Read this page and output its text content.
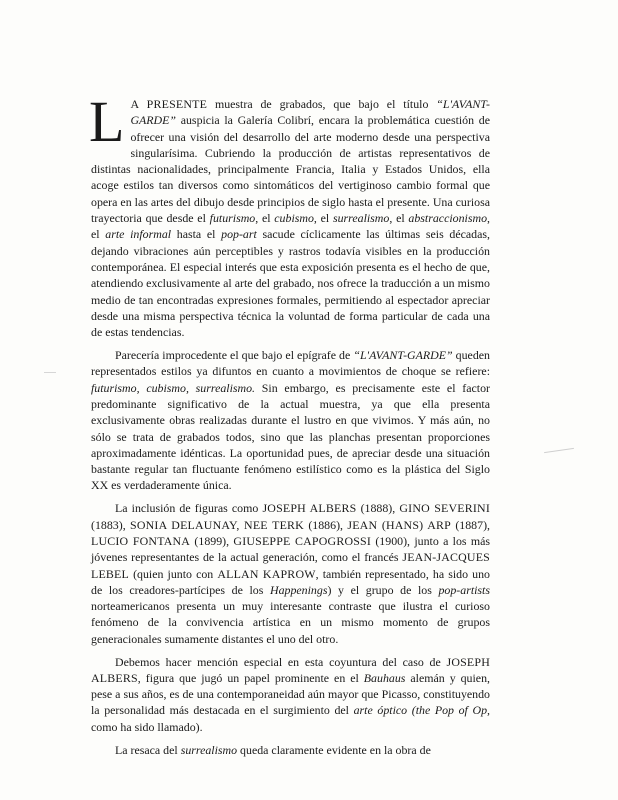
L A PRESENTE muestra de grabados, que bajo el título “L'AVANT-GARDE” auspicia la Galería Colibrí, encara la problemática cuestión de ofrecer una visión del desarrollo del arte moderno desde una perspectiva singularísima. Cubriendo la producción de artistas representativos de distintas nacionalidades, principalmente Francia, Italia y Estados Unidos, ella acoge estilos tan diversos como sintomáticos del vertiginoso cambio formal que opera en las artes del dibujo desde principios de siglo hasta el presente. Una curiosa trayectoria que desde el futurismo, el cubismo, el surrealismo, el abstraccionismo, el arte informal hasta el pop-art sacude cíclicamente las últimas seis décadas, dejando vibraciones aún perceptibles y rastros todavía visibles en la producción contemporánea. El especial interés que esta exposición presenta es el hecho de que, atendiendo exclusivamente al arte del grabado, nos ofrece la traducción a un mismo medio de tan encontradas expresiones formales, permitiendo al espectador apreciar desde una misma perspectiva técnica la voluntad de forma particular de cada una de estas tendencias.

Parecería improcedente el que bajo el epígrafe de “L'AVANT-GARDE” queden representados estilos ya difuntos en cuanto a movimientos de choque se refiere: futurismo, cubismo, surrealismo. Sin embargo, es precisamente este el factor predominante significativo de la actual muestra, ya que ella presenta exclusivamente obras realizadas durante el lustro en que vivimos. Y más aún, no sólo se trata de grabados todos, sino que las planchas presentan proporciones aproximadamente idénticas. La oportunidad pues, de apreciar desde una situación bastante regular tan fluctuante fenómeno estilístico como es la plástica del Siglo XX es verdaderamente única.

La inclusión de figuras como JOSEPH ALBERS (1888), GINO SEVERINI (1883), SONIA DELAUNAY, NEE TERK (1886), JEAN (HANS) ARP (1887), LUCIO FONTANA (1899), GIUSEPPE CAPOGROSSI (1900), junto a los más jóvenes representantes de la actual generación, como el francés JEAN-JACQUES LEBEL (quien junto con ALLAN KAPROW, también representado, ha sido uno de los creadores-partícipes de los Happenings) y el grupo de los pop-artists norteamericanos presenta un muy interesante contraste que ilustra el curioso fenómeno de la convivencia artística en un mismo momento de grupos generacionales sumamente distantes el uno del otro.

Debemos hacer mención especial en esta coyuntura del caso de JOSEPH ALBERS, figura que jugó un papel prominente en el Bauhaus alemán y quien, pese a sus años, es de una contemporaneidad aún mayor que Picasso, constituyendo la personalidad más destacada en el surgimiento del arte óptico (the Pop of Op, como ha sido llamado).

La resaca del surrealismo queda claramente evidente en la obra de
